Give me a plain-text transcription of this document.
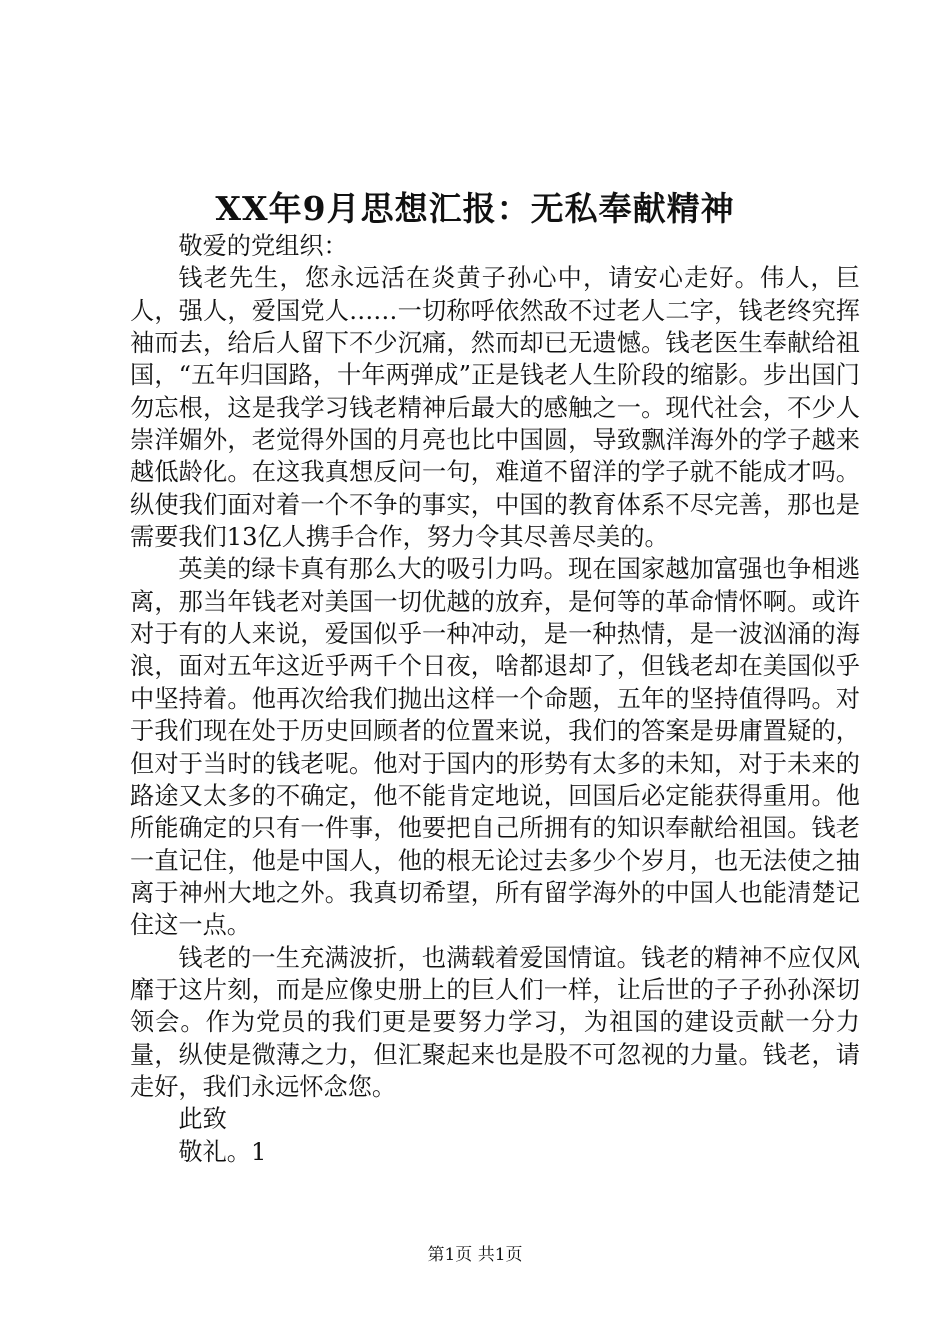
XX年9月思想汇报：无私奉献精神

敬爱的党组织：

钱老先生，您永远活在炎黄子孙心中，请安心走好。伟人，巨人，强人，爱国党人……一切称呼依然敌不过老人二字，钱老终究挥袖而去，给后人留下不少沉痛，然而却已无遗憾。钱老医生奉献给祖国，“五年归国路，十年两弹成”正是钱老人生阶段的缩影。步出国门勿忘根，这是我学习钱老精神后最大的感触之一。现代社会，不少人崇洋媚外，老觉得外国的月亮也比中国圆，导致飘洋海外的学子越来越低龄化。在这我真想反问一句，难道不留洋的学子就不能成才吗。纵使我们面对着一个不争的事实，中国的教育体系不尽完善，那也是需要我们13亿人携手合作，努力令其尽善尽美的。

英美的绿卡真有那么大的吸引力吗。现在国家越加富强也争相逃离，那当年钱老对美国一切优越的放弃，是何等的革命情怀啊。或许对于有的人来说，爱国似乎一种冲动，是一种热情，是一波汹涌的海浪，面对五年这近乎两千个日夜，啥都退却了，但钱老却在美国似乎中坚持着。他再次给我们抛出这样一个命题，五年的坚持值得吗。对于我们现在处于历史回顾者的位置来说，我们的答案是毋庸置疑的，但对于当时的钱老呢。他对于国内的形势有太多的未知，对于未来的路途又太多的不确定，他不能肯定地说，回国后必定能获得重用。他所能确定的只有一件事，他要把自己所拥有的知识奉献给祖国。钱老一直记住，他是中国人，他的根无论过去多少个岁月，也无法使之抽离于神州大地之外。我真切希望，所有留学海外的中国人也能清楚记住这一点。

钱老的一生充满波折，也满载着爱国情谊。钱老的精神不应仅风靡于这片刻，而是应像史册上的巨人们一样，让后世的子子孙孙深切领会。作为党员的我们更是要努力学习，为祖国的建设贡献一分力量，纵使是微薄之力，但汇聚起来也是股不可忽视的力量。钱老，请走好，我们永远怀念您。

此致

敬礼。1

第1页 共1页
